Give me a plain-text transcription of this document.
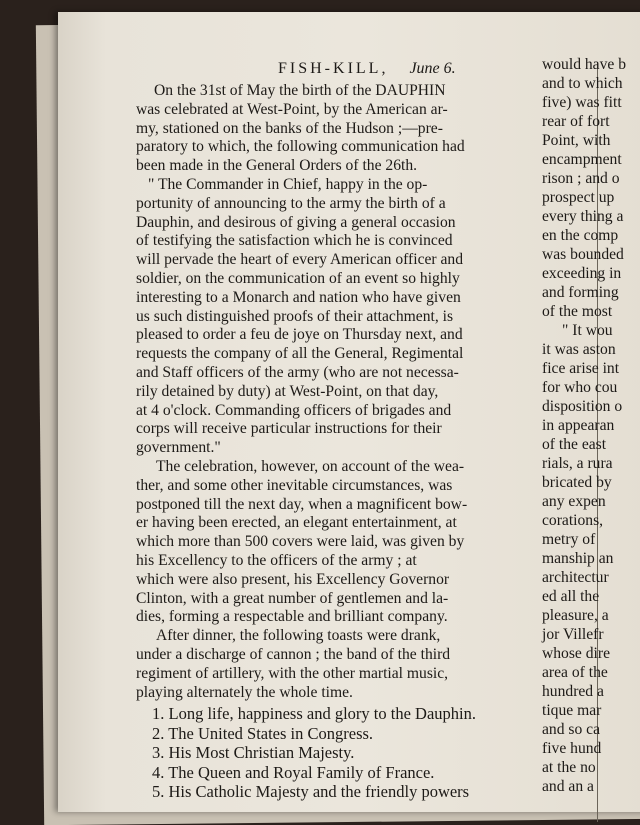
FISH-KILL, June 6.
On the 31st of May the birth of the DAUPHIN
was celebrated at West-Point, by the American ar-
my, stationed on the banks of the Hudson ;—pre-
paratory to which, the following communication had
been made in the General Orders of the 26th.
" The Commander in Chief, happy in the op-
portunity of announcing to the army the birth of a
Dauphin, and desirous of giving a general occasion
of testifying the satisfaction which he is convinced
will pervade the heart of every American officer and
soldier, on the communication of an event so highly
interesting to a Monarch and nation who have given
us such distinguished proofs of their attachment, is
pleased to order a feu de joye on Thursday next, and
requests the company of all the General, Regimental
and Staff officers of the army (who are not necessa-
rily detained by duty) at West-Point, on that day,
at 4 o'clock. Commanding officers of brigades and
corps will receive particular instructions for their
government."
The celebration, however, on account of the wea-
ther, and some other inevitable circumstances, was
postponed till the next day, when a magnificent bow-
er having been erected, an elegant entertainment, at
which more than 500 covers were laid, was given by
his Excellency to the officers of the army ; at
which were also present, his Excellency Governor
Clinton, with a great number of gentlemen and la-
dies, forming a respectable and brilliant company.
After dinner, the following toasts were drank,
under a discharge of cannon ; the band of the third
regiment of artillery, with the other martial music,
playing alternately the whole time.
1. Long life, happiness and glory to the Dauphin.
2. The United States in Congress.
3. His Most Christian Majesty.
4. The Queen and Royal Family of France.
5. His Catholic Majesty and the friendly powers
would have b
and to which
five) was fitt
rear of fort
Point, with
encampment
rison ; and o
prospect up
every thing a
en the comp
was bounded
exceeding in
and forming
of the most
" It wou
it was aston
fice arise int
for who cou
disposition o
in appearan
of the east
rials, a rura
bricated by
any expen
corations,
metry of
manship an
architectur
ed all the
pleasure, a
jor Villefr
whose dire
area of the
hundred a
tique mar
and so ca
five hund
at the no
and an a
